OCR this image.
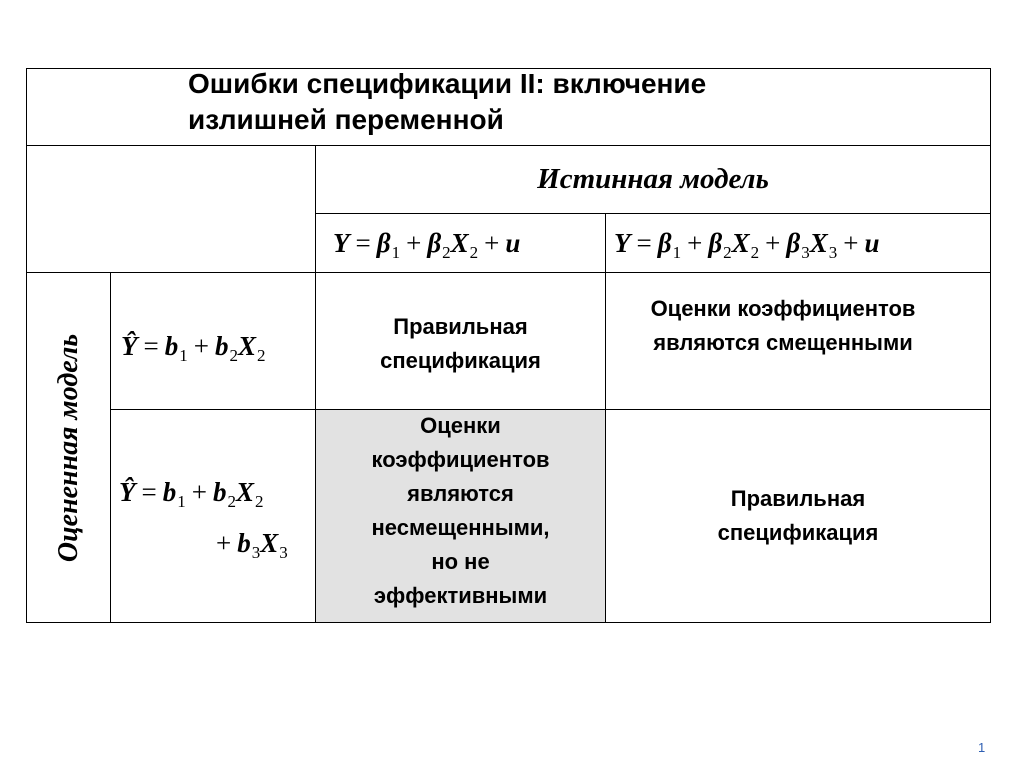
Ошибки спецификации II: включение
излишней переменной
Истинная модель
$Y = \beta_1 + \beta_2X_2 + u$	$Y = \beta_1 + \beta_2X_2 + \beta_3X_3 + u$
Оцененная модель Ŷ = $b_1 + b_2X_2$
Ŷ = $b_1 + b_2X_2$
+ $b_3X_3$
Правильная
спецификация
Оценки коэффициентов
являются смещенными
Оценки
коэффициентов
являются
несмещенными,
но не
эффективными
Правильная
спецификация
1
